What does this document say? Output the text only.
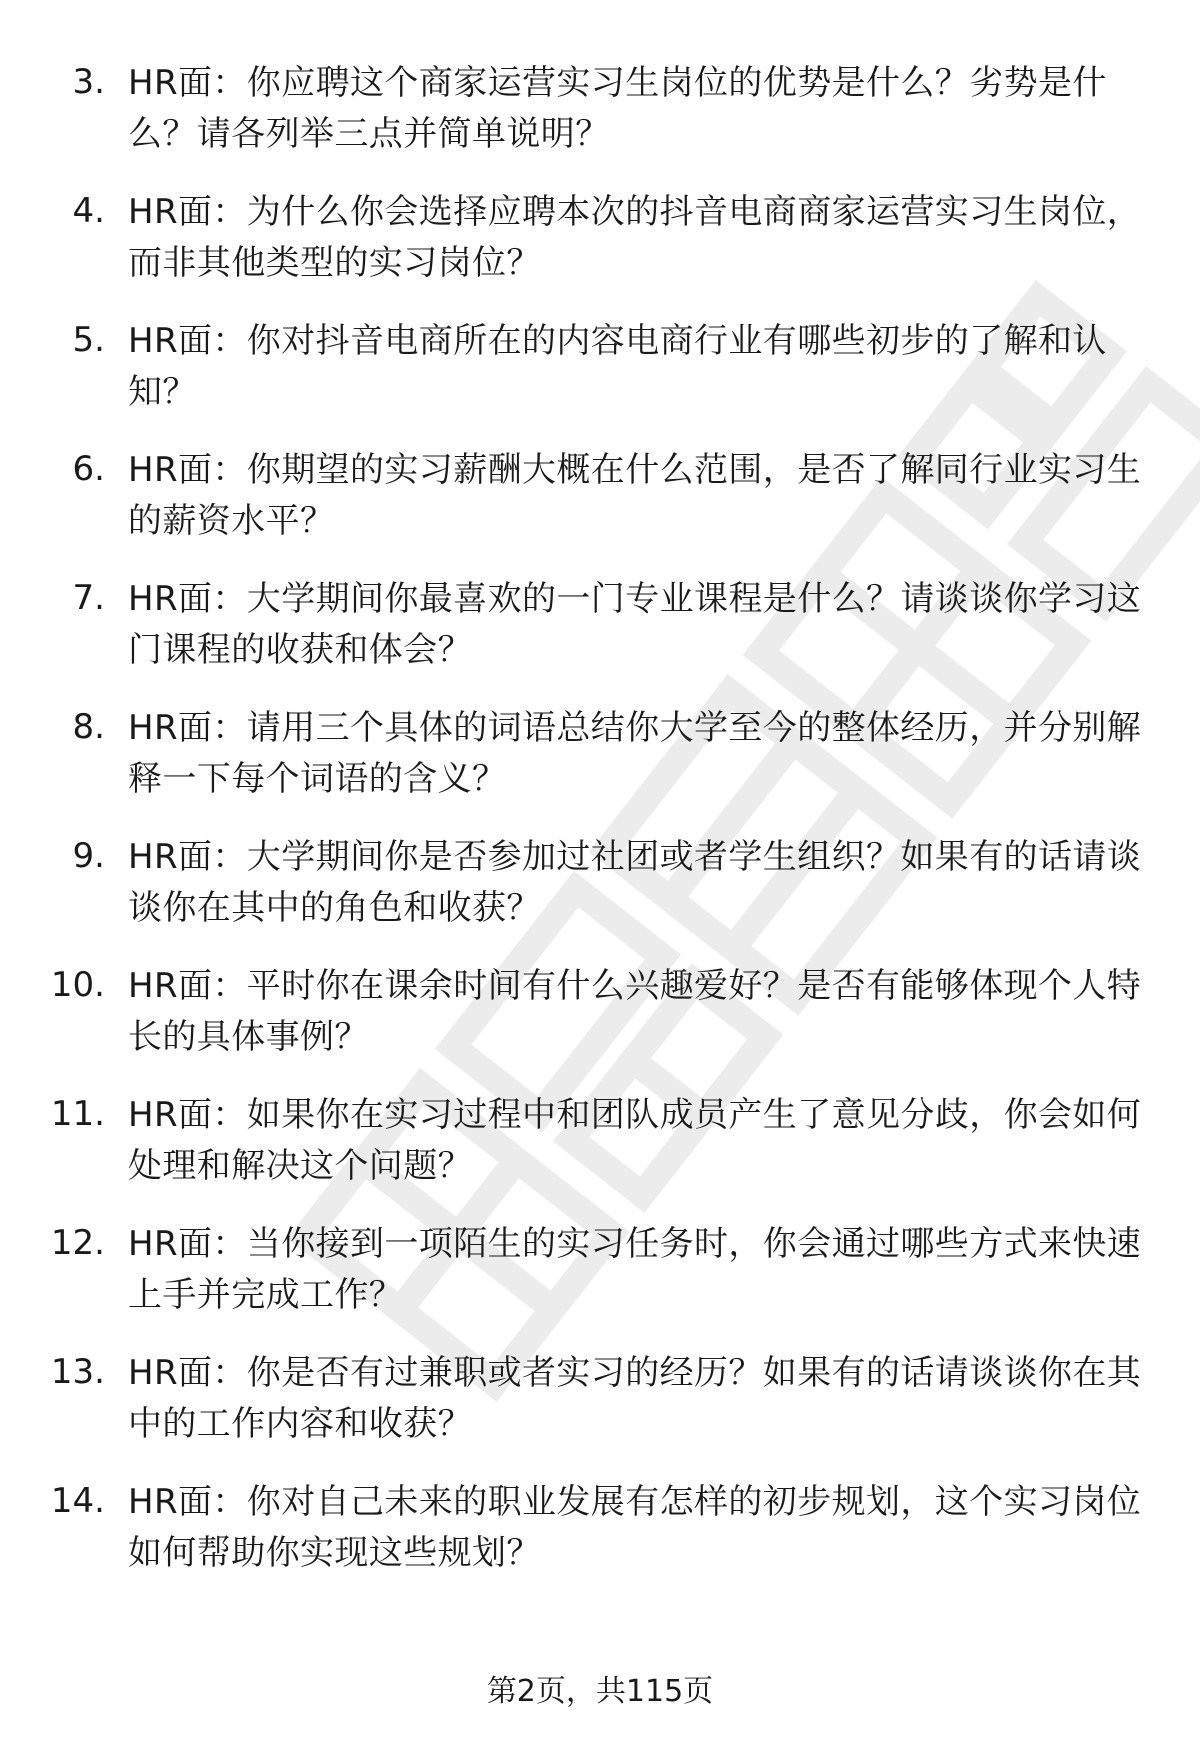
3. HR面：你应聘这个商家运营实习生岗位的优势是什么？劣势是什么？请各列举三点并简单说明？
4. HR面：为什么你会选择应聘本次的抖音电商商家运营实习生岗位，而非其他类型的实习岗位？
5. HR面：你对抖音电商所在的内容电商行业有哪些初步的了解和认知？
6. HR面：你期望的实习薪酬大概在什么范围，是否了解同行业实习生的薪资水平？
7. HR面：大学期间你最喜欢的一门专业课程是什么？请谈谈你学习这门课程的收获和体会？
8. HR面：请用三个具体的词语总结你大学至今的整体经历，并分别解释一下每个词语的含义？
9. HR面：大学期间你是否参加过社团或者学生组织？如果有的话请谈谈你在其中的角色和收获？
10. HR面：平时你在课余时间有什么兴趣爱好？是否有能够体现个人特长的具体事例？
11. HR面：如果你在实习过程中和团队成员产生了意见分歧，你会如何处理和解决这个问题？
12. HR面：当你接到一项陌生的实习任务时，你会通过哪些方式来快速上手并完成工作？
13. HR面：你是否有过兼职或者实习的经历？如果有的话请谈谈你在其中的工作内容和收获？
14. HR面：你对自己未来的职业发展有怎样的初步规划，这个实习岗位如何帮助你实现这些规划？
第2页，共115页
